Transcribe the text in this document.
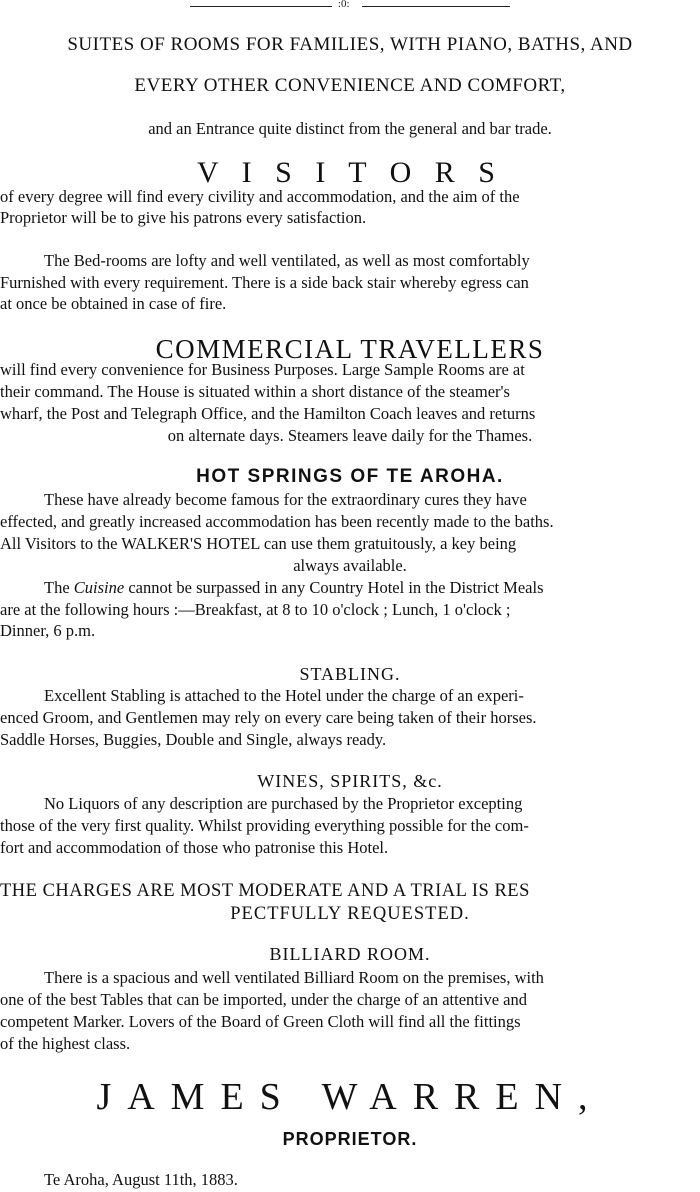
:0:
SUITES OF ROOMS FOR FAMILIES, WITH PIANO, BATHS, AND
EVERY OTHER CONVENIENCE AND COMFORT,
and an Entrance quite distinct from the general and bar trade.
V I S I T O R S
of every degree will find every civility and accommodation, and the aim of the
Proprietor will be to give his patrons every satisfaction.
The Bed-rooms are lofty and well ventilated, as well as most comfortably
Furnished with every requirement. There is a side back stair whereby egress can
at once be obtained in case of fire.
COMMERCIAL TRAVELLERS
will find every convenience for Business Purposes. Large Sample Rooms are at
their command. The House is situated within a short distance of the steamer's
wharf, the Post and Telegraph Office, and the Hamilton Coach leaves and returns
on alternate days. Steamers leave daily for the Thames.
HOT SPRINGS OF TE AROHA.
These have already become famous for the extraordinary cures they have
effected, and greatly increased accommodation has been recently made to the baths.
All Visitors to the WALKER'S HOTEL can use them gratuitously, a key being
always available.
The Cuisine cannot be surpassed in any Country Hotel in the District Meals
are at the following hours :—Breakfast, at 8 to 10 o'clock ; Lunch, 1 o'clock ;
Dinner, 6 p.m.
STABLING.
Excellent Stabling is attached to the Hotel under the charge of an experi-
enced Groom, and Gentlemen may rely on every care being taken of their horses.
Saddle Horses, Buggies, Double and Single, always ready.
WINES, SPIRITS, &c.
No Liquors of any description are purchased by the Proprietor excepting
those of the very first quality. Whilst providing everything possible for the com-
fort and accommodation of those who patronise this Hotel.
THE CHARGES ARE MOST MODERATE AND A TRIAL IS RES
PECTFULLY REQUESTED.
BILLIARD ROOM.
There is a spacious and well ventilated Billiard Room on the premises, with
one of the best Tables that can be imported, under the charge of an attentive and
competent Marker. Lovers of the Board of Green Cloth will find all the fittings
of the highest class.
JAMES WARREN,
PROPRIETOR.
Te Aroha, August 11th, 1883.
